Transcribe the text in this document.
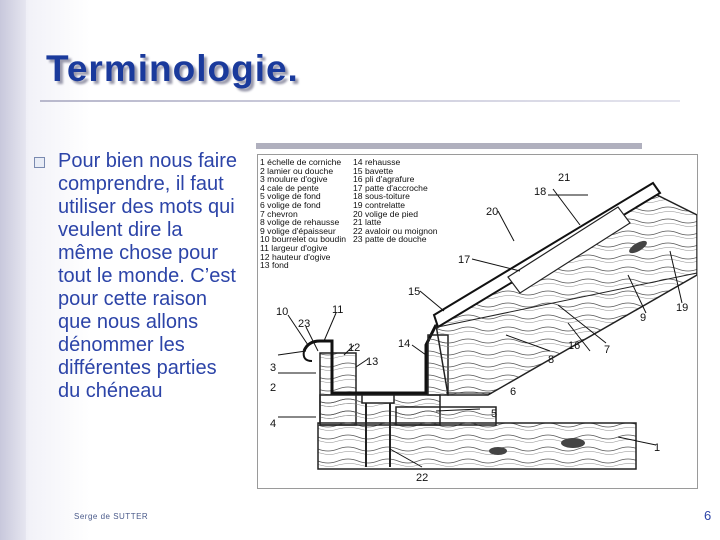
Terminologie.
Pour bien nous faire comprendre, il faut utiliser des mots qui veulent dire la même chose pour tout le monde. C’est pour cette raison que nous allons dénommer les différentes parties du chéneau
1
2
3
4
5
6
7
8
9
10	11
12
13
14
15
16
17
18
19
20
21
22
23
1 échelle de corniche
2 lamier ou douche
3 moulure d'ogive
4 cale de pente
5 volige de fond
6 volige de fond
7 chevron
8 volige de rehausse
9 volige d'épaisseur
10 bourrelet ou boudin
11 largeur d'ogive
12 hauteur d'ogive
13 fond
14 rehausse
15 bavette
16 pli d'agrafure
17 patte d'accroche
18 sous-toiture
19 contrelatte
20 volige de pied
21 latte
22 avaloir ou moignon
23 patte de douche
Serge de SUTTER	6
